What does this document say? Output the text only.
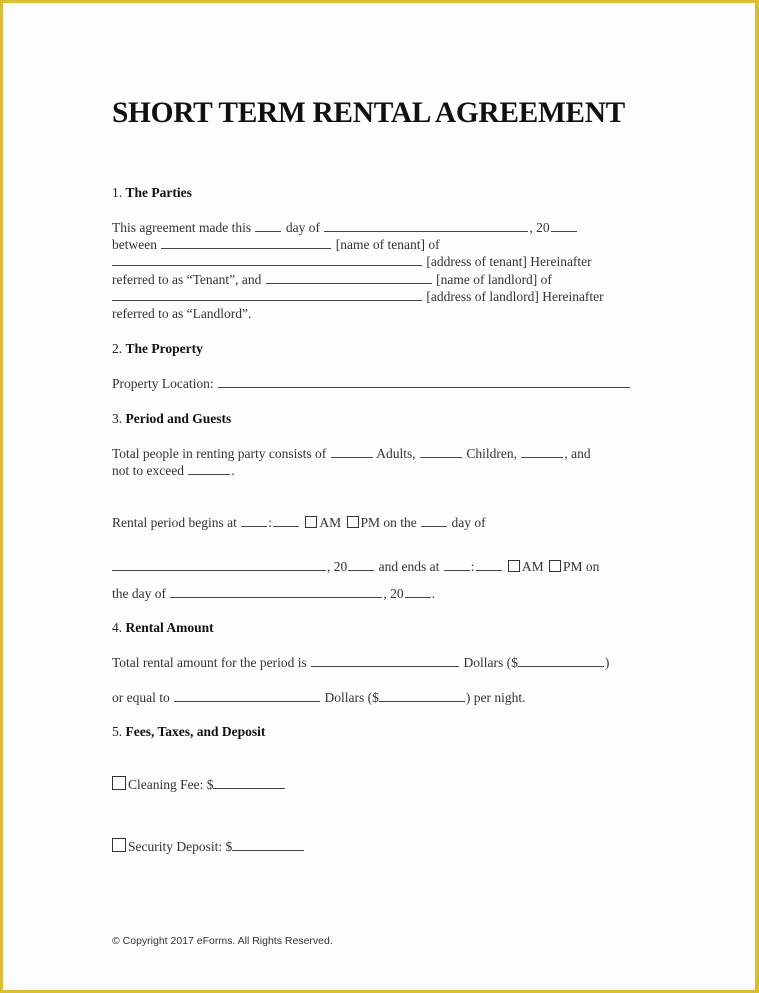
SHORT TERM RENTAL AGREEMENT
1. The Parties
This agreement made this	day of	, 20
between	[name of tenant] of
[address of tenant] Hereinafter
referred to as “Tenant”, and	[name of landlord] of
[address of landlord] Hereinafter
referred to as “Landlord”.
2. The Property
Property Location:
3. Period and Guests
Total people in renting party consists of	Adults,	Children,	, and
not to exceed	.
Rental period begins at :	AM PM on the	day of
, 20 and ends at :	AM PM on
the day of	, 20 .
4. Rental Amount
Total rental amount for the period is	Dollars ($	)
or equal to	Dollars ($	) per night.
5. Fees, Taxes, and Deposit
Cleaning Fee: $
Security Deposit: $
© Copyright 2017 eForms. All Rights Reserved.
